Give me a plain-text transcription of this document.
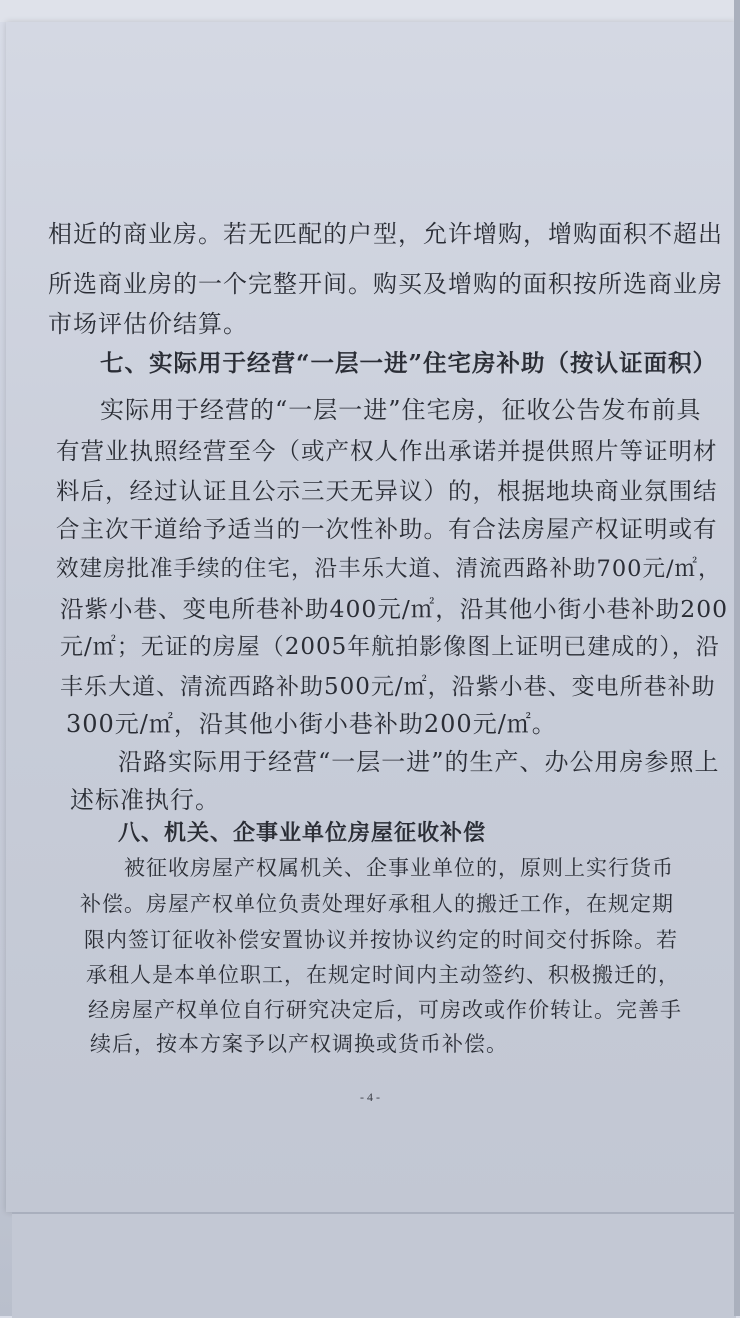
相近的商业房。若无匹配的户型，允许增购，增购面积不超出
所选商业房的一个完整开间。购买及增购的面积按所选商业房
市场评估价结算。
七、实际用于经营“一层一进”住宅房补助（按认证面积）
实际用于经营的“一层一进”住宅房，征收公告发布前具
有营业执照经营至今（或产权人作出承诺并提供照片等证明材
料后，经过认证且公示三天无异议）的，根据地块商业氛围结
合主次干道给予适当的一次性补助。有合法房屋产权证明或有
效建房批准手续的住宅，沿丰乐大道、清流西路补助700元/㎡，
沿紫小巷、变电所巷补助400元/㎡，沿其他小街小巷补助200
元/㎡；无证的房屋（2005年航拍影像图上证明已建成的），沿
丰乐大道、清流西路补助500元/㎡，沿紫小巷、变电所巷补助
300元/㎡，沿其他小街小巷补助200元/㎡。
沿路实际用于经营“一层一进”的生产、办公用房参照上
述标准执行。
八、机关、企事业单位房屋征收补偿
被征收房屋产权属机关、企事业单位的，原则上实行货币
补偿。房屋产权单位负责处理好承租人的搬迁工作，在规定期
限内签订征收补偿安置协议并按协议约定的时间交付拆除。若
承租人是本单位职工，在规定时间内主动签约、积极搬迁的，
经房屋产权单位自行研究决定后，可房改或作价转让。完善手
续后，按本方案予以产权调换或货币补偿。
- 4 -
